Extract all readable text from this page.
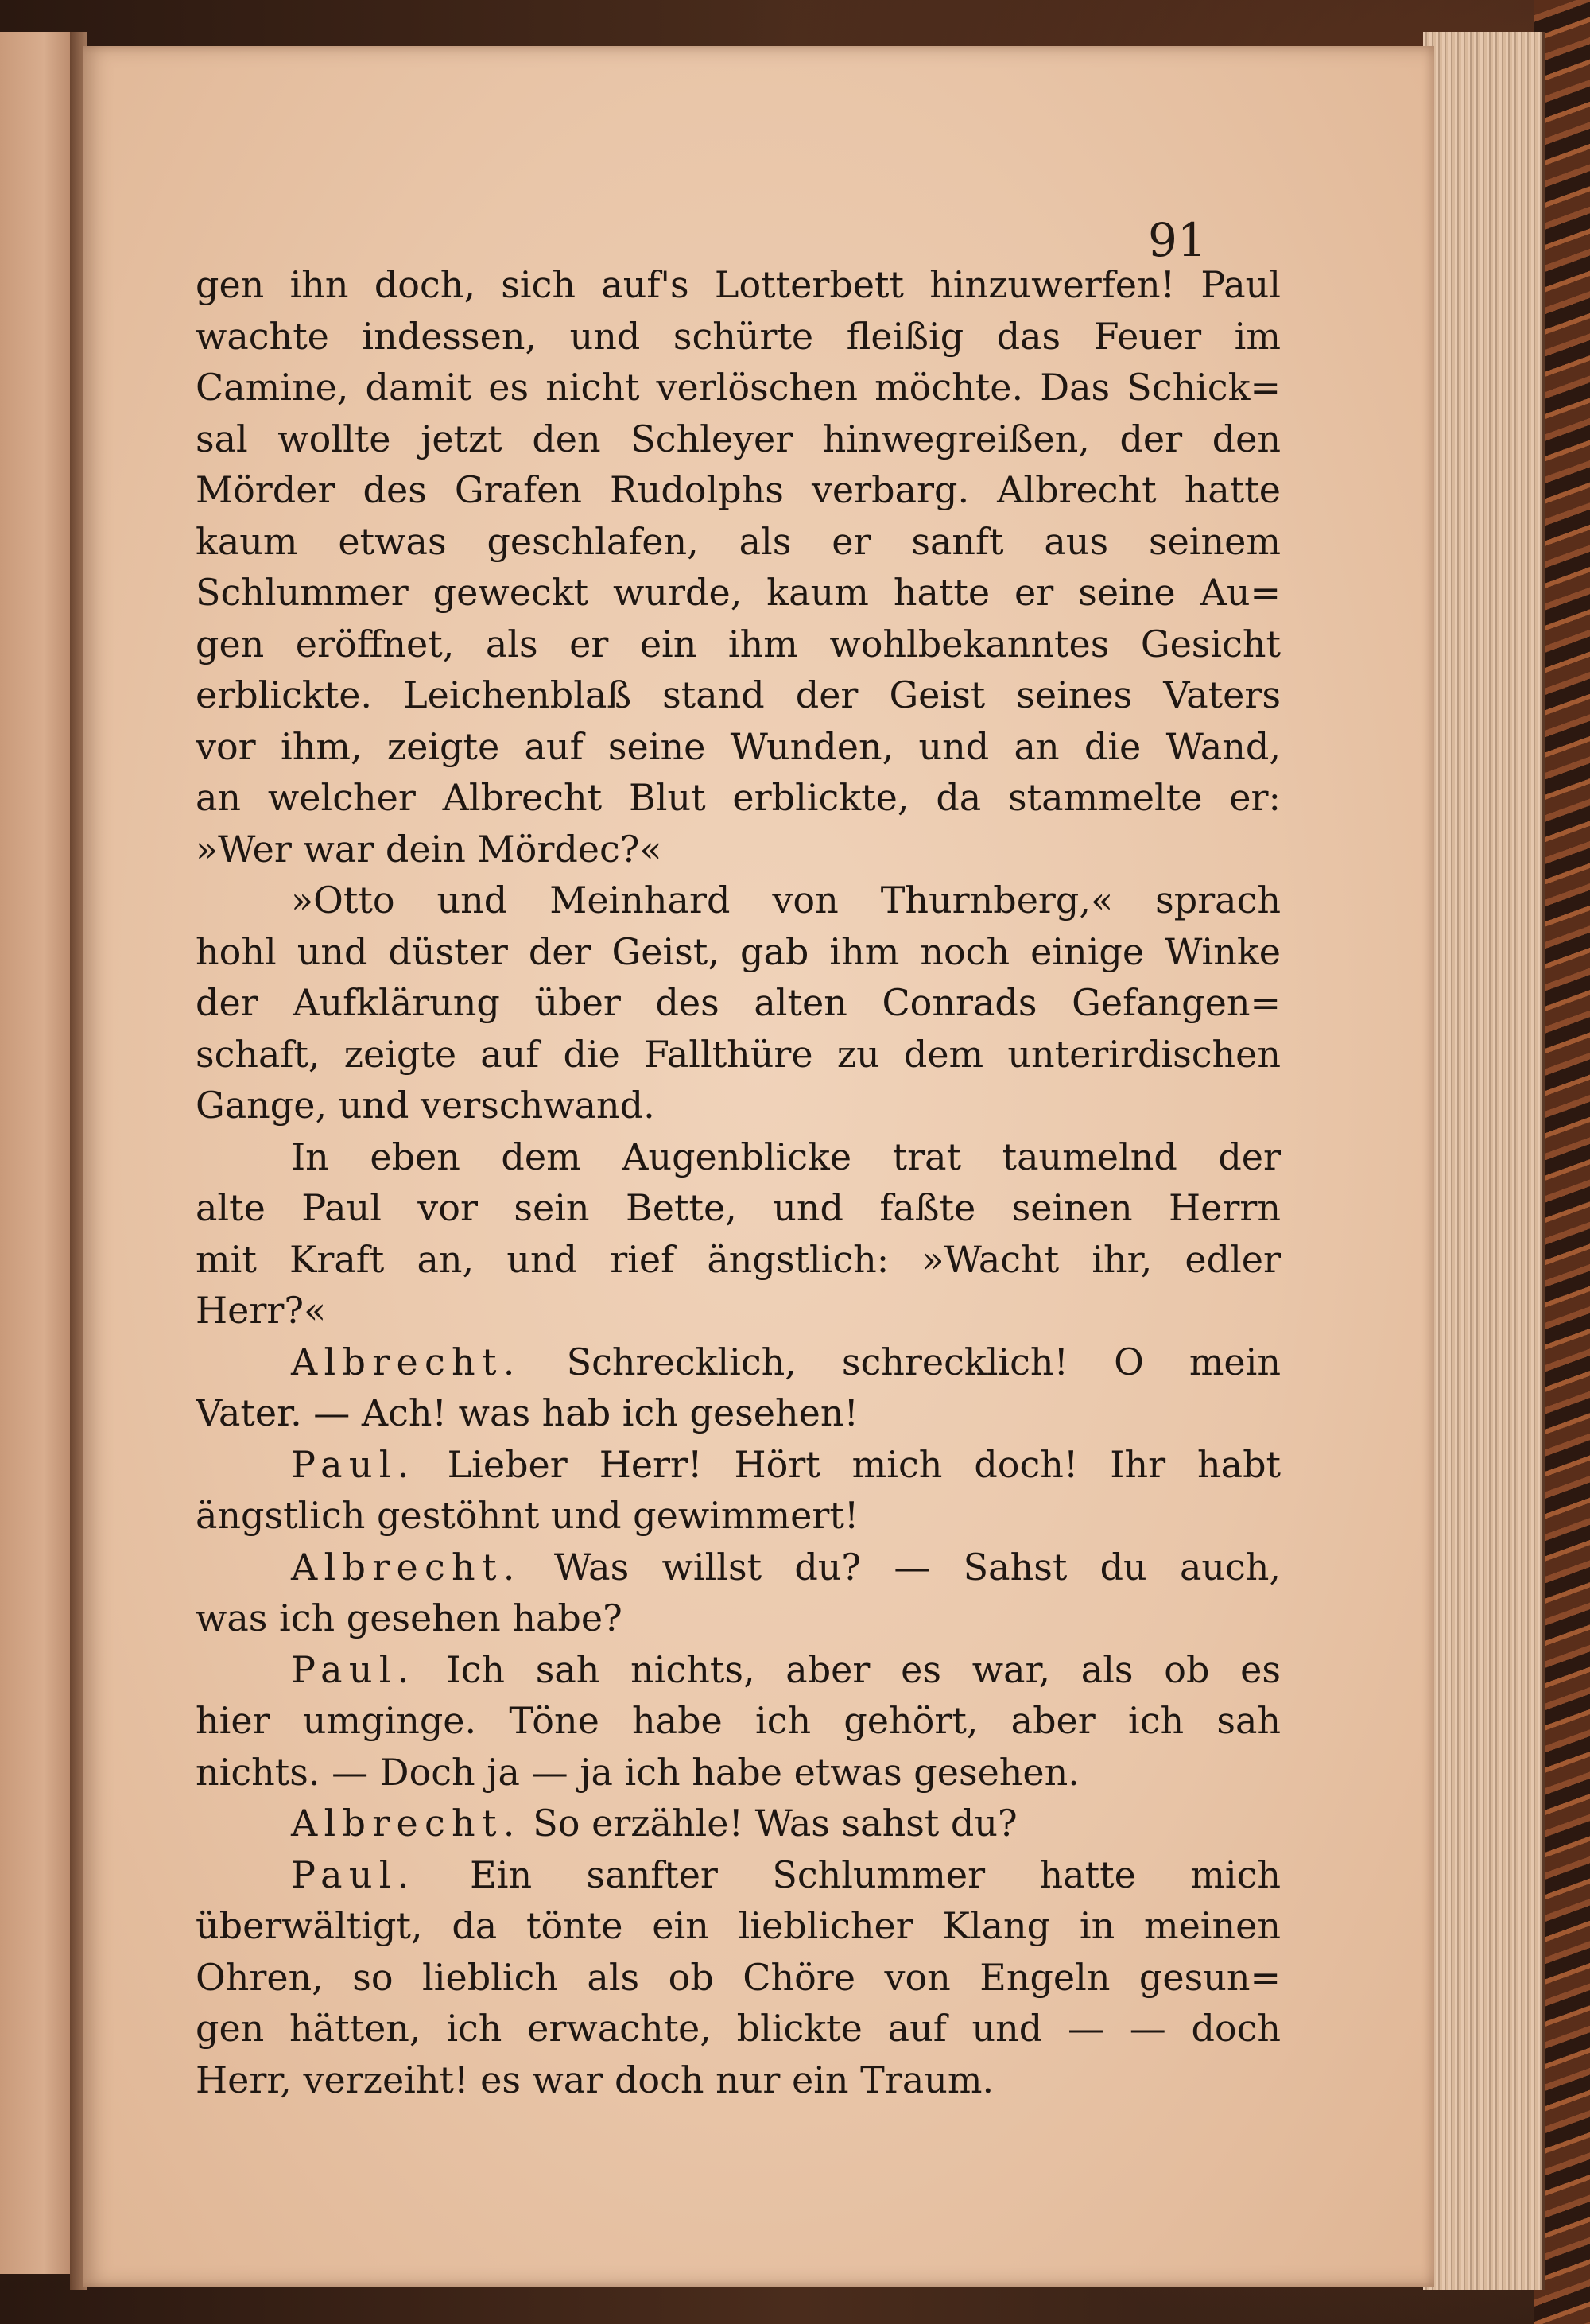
91
gen ihn doch, sich auf's Lotterbett hinzuwerfen! Paul
wachte indessen, und schürte fleißig das Feuer im
Camine, damit es nicht verlöschen möchte. Das Schick=
sal wollte jetzt den Schleyer hinwegreißen, der den
Mörder des Grafen Rudolphs verbarg. Albrecht hatte
kaum etwas geschlafen, als er sanft aus seinem
Schlummer geweckt wurde, kaum hatte er seine Au=
gen eröffnet, als er ein ihm wohlbekanntes Gesicht
erblickte. Leichenblaß stand der Geist seines Vaters
vor ihm, zeigte auf seine Wunden, und an die Wand,
an welcher Albrecht Blut erblickte, da stammelte er:
»Wer war dein Mördec?«
»Otto und Meinhard von Thurnberg,« sprach
hohl und düster der Geist, gab ihm noch einige Winke
der Aufklärung über des alten Conrads Gefangen=
schaft, zeigte auf die Fallthüre zu dem unterirdischen
Gange, und verschwand.
In eben dem Augenblicke trat taumelnd der
alte Paul vor sein Bette, und faßte seinen Herrn
mit Kraft an, und rief ängstlich: »Wacht ihr, edler
Herr?«
Albrecht. Schrecklich, schrecklich! O mein
Vater. — Ach! was hab ich gesehen!
Paul. Lieber Herr! Hört mich doch! Ihr habt
ängstlich gestöhnt und gewimmert!
Albrecht. Was willst du? — Sahst du auch,
was ich gesehen habe?
Paul. Ich sah nichts, aber es war, als ob es
hier umginge. Töne habe ich gehört, aber ich sah
nichts. — Doch ja — ja ich habe etwas gesehen.
Albrecht. So erzähle! Was sahst du?
Paul. Ein sanfter Schlummer hatte mich
überwältigt, da tönte ein lieblicher Klang in meinen
Ohren, so lieblich als ob Chöre von Engeln gesun=
gen hätten, ich erwachte, blickte auf und — — doch
Herr, verzeiht! es war doch nur ein Traum.
